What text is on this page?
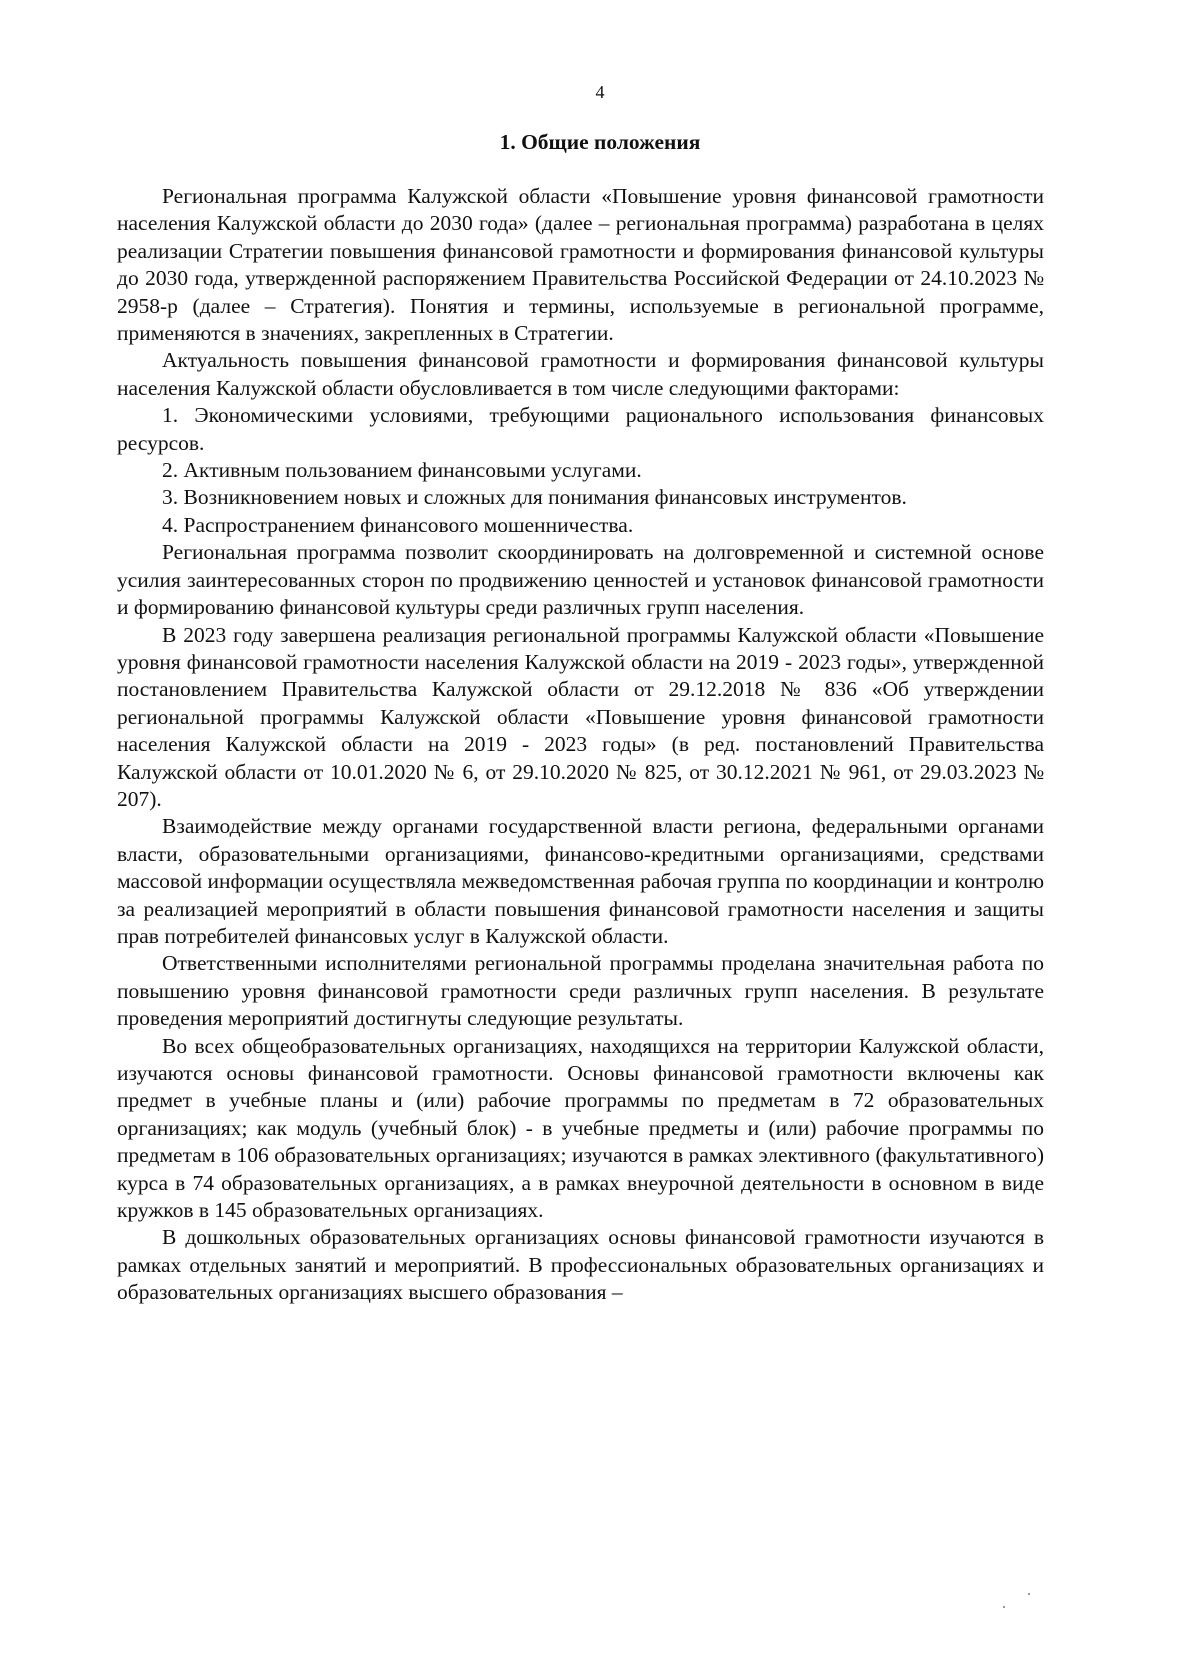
4
1. Общие положения

Региональная программа Калужской области «Повышение уровня финансовой грамотности населения Калужской области до 2030 года» (далее – региональная программа) разработана в целях реализации Стратегии повышения финансовой грамотности и формирования финансовой культуры до 2030 года, утвержденной распоряжением Правительства Российской Федерации от 24.10.2023 № 2958-р (далее – Стратегия). Понятия и термины, используемые в региональной программе, применяются в значениях, закрепленных в Стратегии.

Актуальность повышения финансовой грамотности и формирования финансовой культуры населения Калужской области обусловливается в том числе следующими факторами:

1. Экономическими условиями, требующими рационального использования финансовых ресурсов.

2. Активным пользованием финансовыми услугами.

3. Возникновением новых и сложных для понимания финансовых инструментов.

4. Распространением финансового мошенничества.

Региональная программа позволит скоординировать на долговременной и системной основе усилия заинтересованных сторон по продвижению ценностей и установок финансовой грамотности и формированию финансовой культуры среди различных групп населения.

В 2023 году завершена реализация региональной программы Калужской области «Повышение уровня финансовой грамотности населения Калужской области на 2019 - 2023 годы», утвержденной постановлением Правительства Калужской области от 29.12.2018 № 836 «Об утверждении региональной программы Калужской области «Повышение уровня финансовой грамотности населения Калужской области на 2019 - 2023 годы» (в ред. постановлений Правительства Калужской области от 10.01.2020 № 6, от 29.10.2020 № 825, от 30.12.2021 № 961, от 29.03.2023 № 207).

Взаимодействие между органами государственной власти региона, федеральными органами власти, образовательными организациями, финансово-кредитными организациями, средствами массовой информации осуществляла межведомственная рабочая группа по координации и контролю за реализацией мероприятий в области повышения финансовой грамотности населения и защиты прав потребителей финансовых услуг в Калужской области.

Ответственными исполнителями региональной программы проделана значительная работа по повышению уровня финансовой грамотности среди различных групп населения. В результате проведения мероприятий достигнуты следующие результаты.

Во всех общеобразовательных организациях, находящихся на территории Калужской области, изучаются основы финансовой грамотности. Основы финансовой грамотности включены как предмет в учебные планы и (или) рабочие программы по предметам в 72 образовательных организациях; как модуль (учебный блок) - в учебные предметы и (или) рабочие программы по предметам в 106 образовательных организациях; изучаются в рамках элективного (факультативного) курса в 74 образовательных организациях, а в рамках внеурочной деятельности в основном в виде кружков в 145 образовательных организациях.

В дошкольных образовательных организациях основы финансовой грамотности изучаются в рамках отдельных занятий и мероприятий. В профессиональных образовательных организациях и образовательных организациях высшего образования –
